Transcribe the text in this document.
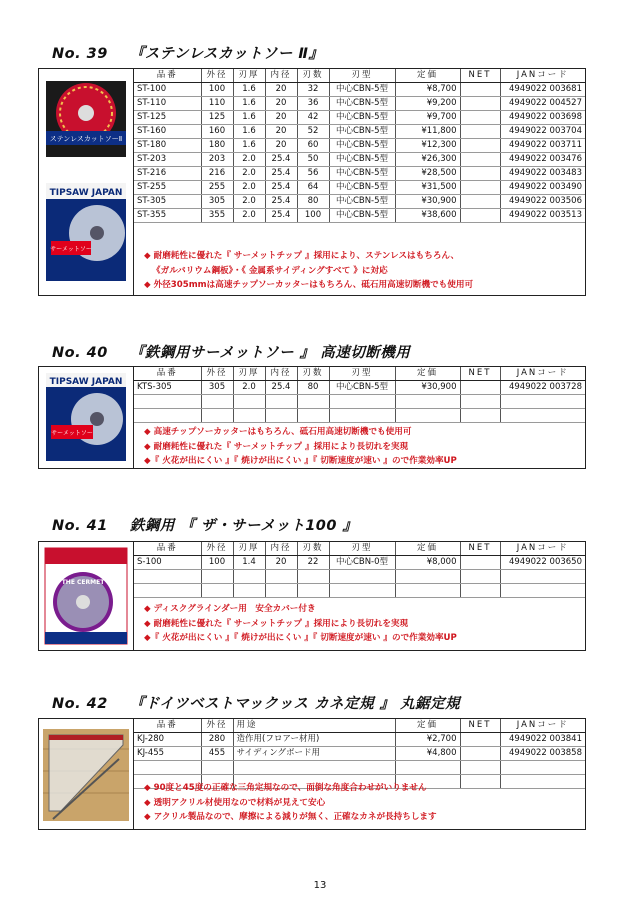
No. 39 『ステンレスカットソー Ⅱ』
ステンレスカットソーⅡ
TIPSAW JAPAN
サーメットソー
品番	外径	刃厚	内径	刃数	刃型	定価	NET	JANコード
ST-100	100	1.6	20	32	中心CBN-5型	¥8,700		4949022 003681
ST-110	110	1.6	20	36	中心CBN-5型	¥9,200		4949022 004527
ST-125	125	1.6	20	42	中心CBN-5型	¥9,700		4949022 003698
ST-160	160	1.6	20	52	中心CBN-5型	¥11,800		4949022 003704
ST-180	180	1.6	20	60	中心CBN-5型	¥12,300		4949022 003711
ST-203	203	2.0	25.4	50	中心CBN-5型	¥26,300		4949022 003476
ST-216	216	2.0	25.4	56	中心CBN-5型	¥28,500		4949022 003483
ST-255	255	2.0	25.4	64	中心CBN-5型	¥31,500		4949022 003490
ST-305	305	2.0	25.4	80	中心CBN-5型	¥30,900		4949022 003506
ST-355	355	2.0	25.4	100	中心CBN-5型	¥38,600		4949022 003513
◆ 耐磨耗性に優れた『 サーメットチップ 』採用により、ステンレスはもちろん、
《ガルバリウム鋼板》・《 金属系サイディングすべて 》に対応
◆ 外径305mmは高速チップソーカッターはもちろん、砥石用高速切断機でも使用可
No. 40 『鉄鋼用サーメットソー 』 高速切断機用
TIPSAW JAPAN
サーメットソー
品番	外径	刃厚	内径	刃数	刃型	定価	NET	JANコード
KTS-305	305	2.0	25.4	80	中心CBN-5型	¥30,900		4949022 003728

◆ 高速チップソーカッターはもちろん、砥石用高速切断機でも使用可
◆ 耐磨耗性に優れた『 サーメットチップ 』採用により長切れを実現
◆『 火花が出にくい 』『 焼けが出にくい 』『 切断速度が速い 』ので作業効率UP
No. 41 鉄鋼用 『 ザ・サーメット100 』
THE CERMET
品番	外径	刃厚	内径	刃数	刃型	定価	NET	JANコード
S-100	100	1.4	20	22	中心CBN-0型	¥8,000		4949022 003650

◆ ディスクグラインダー用　安全カバー付き
◆ 耐磨耗性に優れた『 サーメットチップ 』採用により長切れを実現
◆『 火花が出にくい 』『 焼けが出にくい 』『 切断速度が速い 』ので作業効率UP
No. 42 『ドイツベストマックッス カネ定規 』 丸鋸定規
品番	外径	用途	定価	NET	JANコード
KJ-280	280	造作用(フロアー材用)	¥2,700		4949022 003841
KJ-455	455	サイディングボード用	¥4,800		4949022 003858

◆ 90度と45度の正確な三角定規なので、面倒な角度合わせがいりません
◆ 透明アクリル材使用なので材料が見えて安心
◆ アクリル製品なので、摩擦による減りが無く、正確なカネが長持ちします
13
